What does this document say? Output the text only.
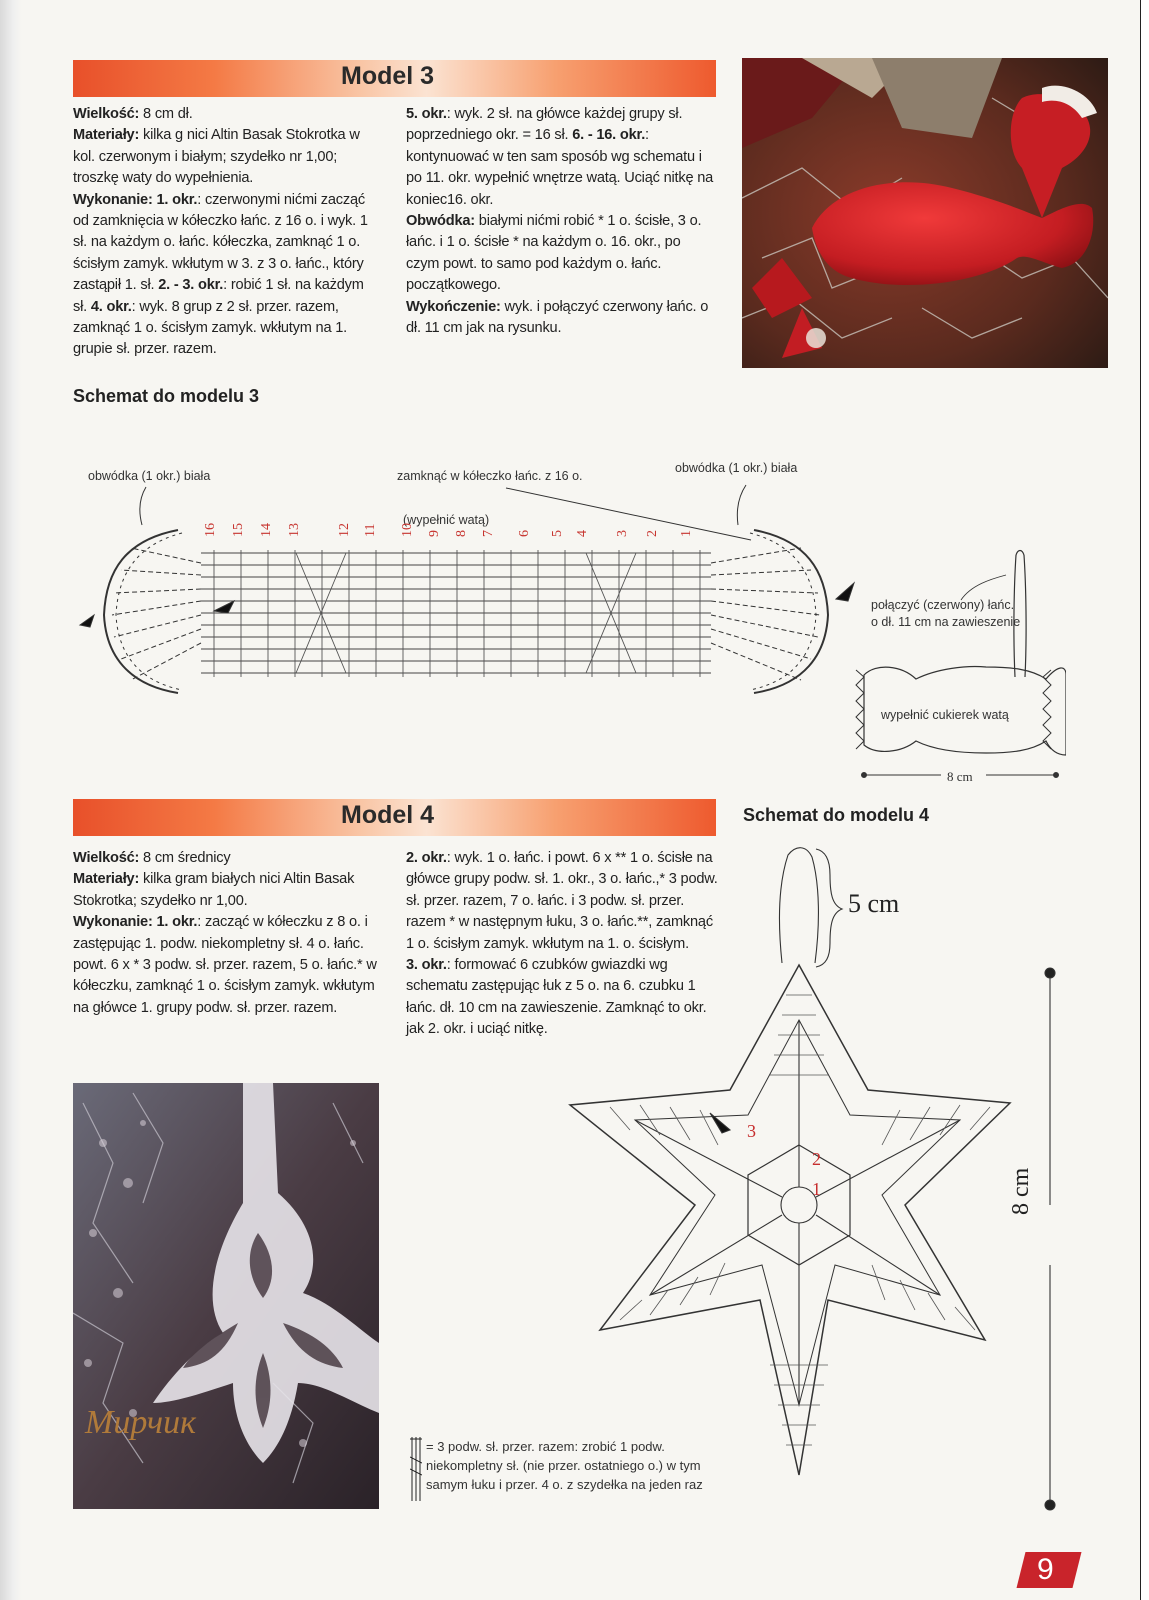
Model 3
Wielkość: 8 cm dł.
Materiały: kilka g nici Altin Basak Stokrotka w kol. czerwonym i białym; szydełko nr 1,00; troszkę waty do wypełnienia.
Wykonanie: 1. okr.: czerwonymi nićmi zacząć od zamknięcia w kółeczko łańc. z 16 o. i wyk. 1 sł. na każdym o. łańc. kółeczka, zamknąć 1 o. ścisłym zamyk. wkłutym w 3. z 3 o. łańc., który zastąpił 1. sł. 2. - 3. okr.: robić 1 sł. na każdym sł. 4. okr.: wyk. 8 grup z 2 sł. przer. razem, zamknąć 1 o. ścisłym zamyk. wkłutym na 1. grupie sł. przer. razem.
5. okr.: wyk. 2 sł. na główce każdej grupy sł. poprzedniego okr. = 16 sł. 6. - 16. okr.: kontynuować w ten sam sposób wg schematu i po 11. okr. wypełnić wnętrze watą. Uciąć nitkę na koniec16. okr.
Obwódka: białymi nićmi robić * 1 o. ścisłe, 3 o. łańc. i 1 o. ścisłe * na każdym o. 16. okr., po czym powt. to samo pod każdym o. łańc. początkowego.
Wykończenie: wyk. i połączyć czerwony łańc. o dł. 11 cm jak na rysunku.
Schemat do modelu 3
obwódka (1 okr.) biała	zamknąć w kółeczko łańc. z 16 o.
obwódka (1 okr.) biała
(wypełnić watą)
połączyć (czerwony) łańc. o dł. 11 cm na zawieszenie
wypełnić cukierek watą
8 cm
16 15 14 13	12 11 10 9 8 7 6 5 4 3 2 1
Model 4	Schemat do modelu 4
Wielkość: 8 cm średnicy
Materiały: kilka gram białych nici Altin Basak Stokrotka; szydełko nr 1,00.
Wykonanie: 1. okr.: zacząć w kółeczku z 8 o. i zastępując 1. podw. niekompletny sł. 4 o. łańc. powt. 6 x * 3 podw. sł. przer. razem, 5 o. łańc.* w kółeczku, zamknąć 1 o. ścisłym zamyk. wkłutym na główce 1. grupy podw. sł. przer. razem.
2. okr.: wyk. 1 o. łańc. i powt. 6 x ** 1 o. ścisłe na główce grupy podw. sł. 1. okr., 3 o. łańc.,* 3 podw. sł. przer. razem, 7 o. łańc. i 3 podw. sł. przer. razem * w następnym łuku, 3 o. łańc.**, zamknąć 1 o. ścisłym zamyk. wkłutym na 1. o. ścisłym.
3. okr.: formować 6 czubków gwiazdki wg schematu zastępując łuk z 5 o. na 6. czubku 1 łańc. dł. 10 cm na zawieszenie. Zamknąć to okr. jak 2. okr. i uciąć nitkę.
Мирчик
5 cm
8 cm
1
2
3
= 3 podw. sł. przer. razem: zrobić 1 podw. niekompletny sł. (nie przer. ostatniego o.) w tym samym łuku i przer. 4 o. z szydełka na jeden raz
9
